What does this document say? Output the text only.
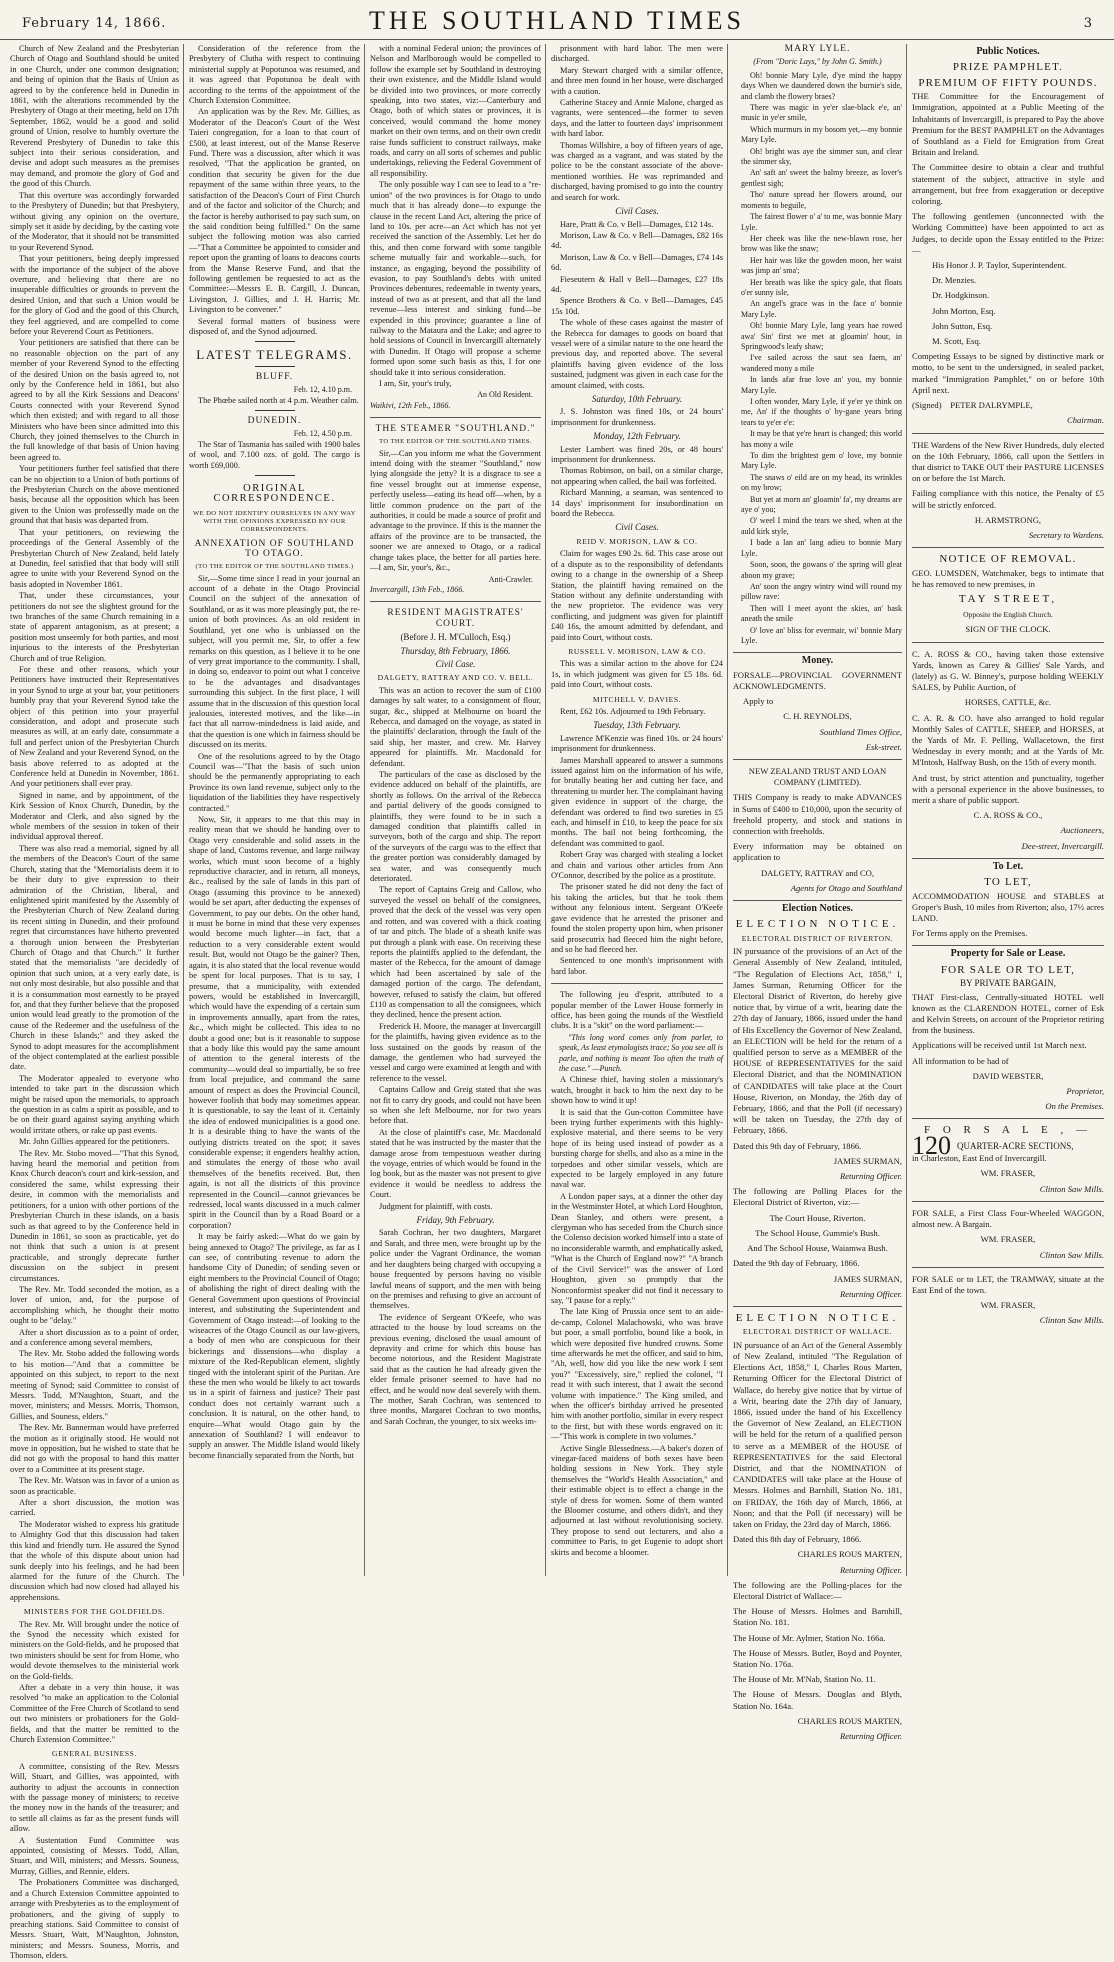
February 14, 1866.	THE SOUTHLAND TIMES	3

Church of New Zealand and the Presbyterian Church of Otago and Southland should be united in one Church, under one common designation; and being of opinion that the Basis of Union as agreed to by the conference held in Dunedin in 1861, with the alterations recommended by the Presbytery of Otago at their meeting, held on 17th September, 1862, would be a good and solid ground of Union, resolve to humbly overture the Reverend Presbytery of Dunedin to take this subject into their serious consideration, and devise and adopt such measures as the premises may demand, and promote the glory of God and the good of this Church.

That this overture was accordingly forwarded to the Presbytery of Dunedin; but that Presbytery, without giving any opinion on the overture, simply set it aside by deciding, by the casting vote of the Moderator, that it should not be transmitted to your Reverend Synod.

That your petitioners, being deeply impressed with the importance of the subject of the above overture, and believing that there are no insuperable difficulties or grounds to prevent the desired Union, and that such a Union would be for the glory of God and the good of this Church, they feel aggrieved, and are compelled to come before your Reverend Court as Petitioners.

Your petitioners are satisfied that there can be no reasonable objection on the part of any member of your Reverend Synod to the effecting of the desired Union on the basis agreed to, not only by the Conference held in 1861, but also agreed to by all the Kirk Sessions and Deacons' Courts connected with your Reverend Synod which then existed; and with regard to all those Ministers who have been since admitted into this Church, they joined themselves to the Church in the full knowledge of that basis of Union having been agreed to.

Your petitioners further feel satisfied that there can be no objection to a Union of both portions of the Presbyterian Church on the above mentioned basis, because all the opposition which has been given to the Union was professedly made on the ground that that basis was departed from.

That your petitioners, on reviewing the proceedings of the General Assembly of the Presbyterian Church of New Zealand, held lately at Dunedin, feel satisfied that that body will still agree to unite with your Reverend Synod on the basis adopted in November 1861.

That, under these circumstances, your petitioners do not see the slightest ground for the two branches of the same Church remaining in a state of apparent antagonism, as at present; a position most unseemly for both parties, and most injurious to the interests of the Presbyterian Church and of true Religion.

For these and other reasons, which your Petitioners have instructed their Representatives in your Synod to urge at your bar, your petitioners humbly pray that your Reverend Synod take the object of this petition into your prayerful consideration, and adopt and prosecute such measures as will, at an early date, consummate a full and perfect union of the Presbyterian Church of New Zealand and your Reverend Synod, on the basis above referred to as adopted at the Conference held at Dunedin in November, 1861. And your petitioners shall ever pray.

Signed in name, and by appointment, of the Kirk Session of Knox Church, Dunedin, by the Moderator and Clerk, and also signed by the whole members of the session in token of their individual approval thereof.

There was also read a memorial, signed by all the members of the Deacon's Court of the same Church, stating that the "Memorialists deem it to be their duty to give expression to their admiration of the Christian, liberal, and enlightened spirit manifested by the Assembly of the Presbyterian Church of New Zealand during its recent sitting in Dunedin, and their profound regret that circumstances have hitherto prevented a thorough union between the Presbyterian Church of Otago and that Church." It further stated that the memorialists "are decidedly of opinion that such union, at a very early date, is not only most desirable, but also possible and that it is a consummation most earnestly to be prayed for, and that they further believe that the proposed union would lead greatly to the promotion of the cause of the Redeemer and the usefulness of the Church in these Islands;" and they asked the Synod to adopt measures for the accomplishment of the object contemplated at the earliest possible date.

The Moderator appealed to everyone who intended to take part in the discussion which might be raised upon the memorials, to approach the question in as calm a spirit as possible, and to be on their guard against saying anything which would irritate others, or rake up past events.

Mr. John Gillies appeared for the petitioners.

The Rev. Mr. Stobo moved—"That this Synod, having heard the memorial and petition from Knox Church deacon's court and kirk-session, and considered the same, whilst expressing their desire, in common with the memorialists and petitioners, for a union with other portions of the Presbyterian Church in these islands, on a basis such as that agreed to by the Conference held in Dunedin in 1861, so soon as practicable, yet do not think that such a union is at present practicable, and strongly deprecate further discussion on the subject in present circumstances.

The Rev. Mr. Todd seconded the motion, as a lover of union, and, for the purpose of accomplishing which, he thought their motto ought to be "delay."

After a short discussion as to a point of order, and a conference among several members,

The Rev. Mr. Stobo added the following words to his motion—"And that a committee be appointed on this subject, to report to the next meeting of Synod; said Committee to consist of Messrs. Todd, M'Naughton, Stuart, and the mover, ministers; and Messrs. Morris, Thomson, Gillies, and Souness, elders."

The Rev. Mr. Bannerman would have preferred the motion as it originally stood. He would not move in opposition, but he wished to state that he did not go with the proposal to hand this matter over to a Committee at its present stage.

The Rev. Mr. Watson was in favor of a union as soon as practicable.

After a short discussion, the motion was carried.

The Moderator wished to express his gratitude to Almighty God that this discussion had taken this kind and friendly turn. He assured the Synod that the whole of this dispute about union had sunk deeply into his feelings, and he had been alarmed for the future of the Church. The discussion which had now closed had allayed his apprehensions.

MINISTERS FOR THE GOLDFIELDS.

The Rev. Mr. Will brought under the notice of the Synod the necessity which existed for ministers on the Gold-fields, and he proposed that two ministers should be sent for from Home, who would devote themselves to the ministerial work on the Gold-fields.

After a debate in a very thin house, it was resolved "to make an application to the Colonial Committee of the Free Church of Scotland to send out two ministers or probationers for the Gold-fields, and that the matter be remitted to the Church Extension Committee."

GENERAL BUSINESS.

A committee, consisting of the Rev. Messrs Will, Stuart, and Gillies, was appointed, with authority to adjust the accounts in connection with the passage money of ministers; to receive the money now in the hands of the treasurer; and to settle all claims as far as the present funds will allow.

A Sustentation Fund Committee was appointed, consisting of Messrs. Todd, Allan, Stuart, and Will, ministers; and Messrs. Souness, Murray, Gillies, and Rennie, elders.

The Probationers Committee was discharged, and a Church Extension Committee appointed to arrange with Presbyteries as to the employment of probationers, and the giving of supply to preaching stations. Said Committee to consist of Messrs. Stuart, Watt, M'Naughton, Johnston, ministers; and Messrs. Souness, Morris, and Thomson, elders.

Consideration of the reference from the Presbytery of Clutha with respect to continuing ministerial supply at Popotunoa was resumed, and it was agreed that Popotunoa be dealt with according to the terms of the appointment of the Church Extension Committee.

An application was by the Rev. Mr. Gillies, as Moderator of the Deacon's Court of the West Taieri congregation, for a loan to that court of £500, at least interest, out of the Manse Reserve Fund. There was a discussion, after which it was resolved, "That the application be granted, on condition that security be given for the due repayment of the same within three years, to the satisfaction of the Deacon's Court of First Church and of the factor and solicitor of the Church; and the factor is hereby authorised to pay such sum, on the said condition being fulfilled." On the same subject the following motion was also carried—"That a Committee be appointed to consider and report upon the granting of loans to deacons courts from the Manse Reserve Fund, and that the following gentlemen be requested to act as the Committee:—Messrs E. B. Cargill, J. Duncan, Livingston, J. Gillies, and J. H. Harris; Mr. Livingston to be convener."

Several formal matters of business were disposed of, and the Synod adjourned.

LATEST TELEGRAMS.
BLUFF.
Feb. 12, 4.10 p.m.

The Phœbe sailed north at 4 p.m. Weather calm.

DUNEDIN.
Feb. 12, 4.50 p.m.

The Star of Tasmania has sailed with 1900 bales of wool, and 7.100 ozs. of gold. The cargo is worth £69,000.

ORIGINAL CORRESPONDENCE.
WE DO NOT IDENTIFY OURSELVES IN ANY WAY WITH THE OPINIONS EXPRESSED BY OUR CORRESPONDENTS.
ANNEXATION OF SOUTHLAND TO OTAGO.
(TO THE EDITOR OF THE SOUTHLAND TIMES.)

Sir,—Some time since I read in your journal an account of a debate in the Otago Provincial Council on the subject of the annexation of Southland, or as it was more pleasingly put, the re-union of both provinces. As an old resident in Southland, yet one who is unbiassed on the subject, will you permit me, Sir, to offer a few remarks on this question, as I believe it to be one of very great importance to the community. I shall, in doing so, endeavor to point out what I conceive to be the advantages and disadvantages surrounding this subject. In the first place, I will assume that in the discussion of this question local jealousies, interested motives, and the like—in fact that all narrow-mindedness is laid aside, and that the question is one which in fairness should be discussed on its merits.

One of the resolutions agreed to by the Otago Council was—"That the basis of such union should be the permanently appropriating to each Province its own land revenue, subject only to the liquidation of the liabilities they have respectively contracted."

Now, Sir, it appears to me that this may in reality mean that we should be handing over to Otago very considerable and solid assets in the shape of land, Customs revenue, and large railway works, which must soon become of a highly reproductive character, and in return, all moneys, &c., realised by the sale of lands in this part of Otago (assuming this province to be annexed) would be set apart, after deducting the expenses of Government, to pay our debts. On the other hand, it must be borne in mind that these very expenses would become much lighter—in fact, that a reduction to a very considerable extent would result. But, would not Otago be the gainer? Then, again, it is also stated that the local revenue would be spent for local purposes. That is to say, I presume, that a municipality, with extended powers, would be established in Invercargill, which would have the expending of a certain sum in improvements annually, apart from the rates, &c., which might be collected. This idea to no doubt a good one; but is it reasonable to suppose that a body like this would pay the same amount of attention to the general interests of the community—would deal so impartially, be so free from local prejudice, and command the same amount of respect as does the Provincial Council, however foolish that body may sometimes appear. It is questionable, to say the least of it. Certainly the idea of endowed municipalities is a good one. It is a desirable thing to have the wants of the outlying districts treated on the spot; it saves considerable expense; it engenders healthy action, and stimulates the energy of those who avail themselves of the benefits received. But, then again, is not all the districts of this province represented in the Council—cannot grievances be redressed, local wants discussed in a much calmer spirit in the Council than by a Road Board or a corporation?

It may be fairly asked:—What do we gain by being annexed to Otago? The privilege, as far as I can see, of contributing revenue to adorn the handsome City of Dunedin; of sending seven or eight members to the Provincial Council of Otago; of abolishing the right of direct dealing with the General Government upon questions of Provincial interest, and substituting the Superintendent and Government of Otago instead:—of looking to the wiseacres of the Otago Council as our law-givers, a body of men who are conspicuous for their bickerings and dissensions—who display a mixture of the Red-Republican element, slightly tinged with the intolerant spirit of the Puritan. Are these the men who would be likely to act towards us in a spirit of fairness and justice? Their past conduct does not certainly warrant such a conclusion. It is natural, on the other hand, to enquire—What would Otago gain by the annexation of Southland? I will endeavor to supply an answer. The Middle Island would likely become financially separated from the North, but

with a nominal Federal union; the provinces of Nelson and Marlborough would be compelled to follow the example set by Southland in destroying their own existence, and the Middle Island would be divided into two provinces, or more correctly speaking, into two states, viz:—Canterbury and Otago, both of which states or provinces, it is conceived, would command the home money market on their own terms, and on their own credit raise funds sufficient to construct railways, make roads, and carry on all sorts of schemes and public undertakings, relieving the Federal Government of all responsibility.

The only possible way I can see to lead to a "re-union" of the two provinces is for Otago to undo much that it has already done—to expunge the clause in the recent Land Act, altering the price of land to 10s. per acre—an Act which has not yet received the sanction of the Assembly. Let her do this, and then come forward with some tangible scheme mutually fair and workable—such, for instance, as engaging, beyond the possibility of evasion, to pay Southland's debts with united Provinces debentures, redeemable in twenty years, instead of two as at present, and that all the land revenue—less interest and sinking fund—be expended in this province; guarantee a line of railway to the Mataura and the Lake; and agree to hold sessions of Council in Invercargill alternately with Dunedin. If Otago will propose a scheme formed upon some such basis as this, I for one should take it into serious consideration.

I am, Sir, your's truly,

An Old Resident.
Waikivi, 12th Feb., 1866.
THE STEAMER "SOUTHLAND."
TO THE EDITOR OF THE SOUTHLAND TIMES.

Sir,—Can you inform me what the Government intend doing with the steamer "Southland," now lying alongside the jetty? It is a disgrace to see a fine vessel brought out at immense expense, perfectly useless—eating its head off—when, by a little common prudence on the part of the authorities, it could be made a source of profit and advantage to the province. If this is the manner the affairs of the province are to be transacted, the sooner we are annexed to Otago, or a radical change takes place, the better for all parties here.—I am, Sir, your's, &c.,

Anti-Crawler.
Invercargill, 13th Feb., 1866.
RESIDENT MAGISTRATES' COURT.
(Before J. H. M'Culloch, Esq.)
Thursday, 8th February, 1866.
Civil Case.
DALGETY, RATTRAY AND CO. V. BELL.

This was an action to recover the sum of £100 damages by salt water, to a consignment of flour, sugar, &c., shipped at Melbourne on board the Rebecca, and damaged on the voyage, as stated in the plaintiffs' declaration, through the fault of the said ship, her master, and crew. Mr. Harvey appeared for plaintiffs. Mr. Macdonald for defendant.

The particulars of the case as disclosed by the evidence adduced on behalf of the plaintiffs, are shortly as follows. On the arrival of the Rebecca and partial delivery of the goods consigned to plaintiffs, they were found to be in such a damaged condition that plaintiffs called in surveyors, both of the cargo and ship. The report of the surveyors of the cargo was to the effect that the greater portion was considerably damaged by sea water, and was consequently much deteriorated.

The report of Captains Greig and Callow, who surveyed the vessel on behalf of the consignees, proved that the deck of the vessel was very open and rotten, and was covered with a thick coating of tar and pitch. The blade of a sheath knife was put through a plank with ease. On receiving these reports the plaintiffs applied to the defendant, the master of the Rebecca, for the amount of damage which had been ascertained by sale of the damaged portion of the cargo. The defendant, however, refused to satisfy the claim, but offered £110 as compensation to all the consignees, which they declined, hence the present action.

Frederick H. Moore, the manager at Invercargill for the plaintiffs, having given evidence as to the loss sustained on the goods by reason of the damage, the gentlemen who had surveyed the vessel and cargo were examined at length and with reference to the vessel.

Captains Callow and Greig stated that she was not fit to carry dry goods, and could not have been so when she left Melbourne, nor for two years before that.

At the close of plaintiff's case, Mr. Macdonald stated that he was instructed by the master that the damage arose from tempestuous weather during the voyage, entries of which would be found in the log book, but as the master was not present to give evidence it would be needless to address the Court.

Judgment for plaintiff, with costs.

Friday, 9th February.

Sarah Cochran, her two daughters, Margaret and Sarah, and three men, were brought up by the police under the Vagrant Ordinance, the woman and her daughters being charged with occupying a house frequented by persons having no visible lawful means of support, and the men with being on the premises and refusing to give an account of themselves.

The evidence of Sergeant O'Keefe, who was attracted to the house by loud screams on the previous evening, disclosed the usual amount of depravity and crime for which this house has become notorious, and the Resident Magistrate said that as the caution he had already given the elder female prisoner seemed to have had no effect, and he would now deal severely with them. The mother, Sarah Cochran, was sentenced to three months, Margaret Cochran to two months, and Sarah Cochran, the younger, to six weeks im-

prisonment with hard labor. The men were discharged.

Mary Stewart charged with a similar offence, and three men found in her house, were discharged with a caution.

Catherine Stacey and Annie Malone, charged as vagrants, were sentenced—the former to seven days, and the latter to fourteen days' imprisonment with hard labor.

Thomas Willshire, a boy of fifteen years of age, was charged as a vagrant, and was stated by the police to be the constant associate of the above-mentioned worthies. He was reprimanded and discharged, having promised to go into the country and search for work.

Civil Cases.

Hare, Pratt & Co. v Bell—Damages, £12 14s.

Morison, Law & Co. v Bell—Damages, £82 16s 4d.

Morison, Law & Co. v Bell—Damages, £74 14s 6d.

Fieseutern & Hall v Bell—Damages, £27 18s 4d.

Spence Brothers & Co. v Bell—Damages, £45 15s 10d.

The whole of these cases against the master of the Rebecca for damages to goods on board that vessel were of a similar nature to the one heard the previous day, and reported above. The several plaintiffs having given evidence of the loss sustained, judgment was given in each case for the amount claimed, with costs.

Saturday, 10th February.

J. S. Johnston was fined 10s, or 24 hours' imprisonment for drunkenness.

Monday, 12th February.

Lester Lambert was fined 20s, or 48 hours' imprisonment for drunkenness.

Thomas Robinson, on bail, on a similar charge, not appearing when called, the bail was forfeited.

Richard Manning, a seaman, was sentenced to 14 days' imprisonment for insubordination on board the Rebecca.

Civil Cases.
REID V. MORISON, LAW & CO.

Claim for wages £90 2s. 6d. This case arose out of a dispute as to the responsibility of defendants owing to a change in the ownership of a Sheep Station, the plaintiff having remained on the Station without any definite understanding with the new proprietor. The evidence was very conflicting, and judgment was given for plaintiff £40 16s, the amount admitted by defendant, and paid into Court, without costs.

RUSSELL V. MORISON, LAW & CO.

This was a similar action to the above for £24 1s, in which judgment was given for £5 18s. 6d. paid into Court, without costs.

MITCHELL V. DAVIES.

Rent, £62 10s. Adjourned to 19th February.

Tuesday, 13th February.

Lawrence M'Kenzie was fined 10s. or 24 hours' imprisonment for drunkenness.

James Marshall appeared to answer a summons issued against him on the information of his wife, for brutally beating her and cutting her face, and threatening to murder her. The complainant having given evidence in support of the charge, the defendant was ordered to find two sureties in £5 each, and himself in £10, to keep the peace for six months. The bail not being forthcoming, the defendant was committed to gaol.

Robert Gray was charged with stealing a locket and chain and various other articles from Ann O'Connor, described by the police as a prostitute.

The prisoner stated he did not deny the fact of his taking the articles, but that he took them without any felonious intent. Sergeant O'Keefe gave evidence that he arrested the prisoner and found the stolen property upon him, when prisoner said prosecutrix had fleeced him the night before, and so he had fleeced her.

Sentenced to one month's imprisonment with hard labor.

The following jeu d'esprit, attributed to a popular member of the Lower House formerly in office, has been going the rounds of the Westfield clubs. It is a "skit" on the word parliament:—

"This long word comes only from parler, to speak, As least etymologists trace; So you see all is parle, and nothing is meant Too often the truth of the case." —Punch.

A Chinese thief, having stolen a missionary's watch, brought it back to him the next day to be shown how to wind it up!

It is said that the Gun-cotton Committee have been trying further experiments with this highly-explosive material, and there seems to be very hope of its being used instead of powder as a bursting charge for shells, and also as a mine in the torpedoes and other similar vessels, which are expected to be largely employed in any future naval war.

A London paper says, at a dinner the other day in the Westminster Hotel, at which Lord Houghton, Dean Stanley, and others were present, a clergyman who has seceded from the Church since the Colenso decision worked himself into a state of no inconsiderable warmth, and emphatically asked, "What is the Church of England now?" "A branch of the Civil Service!" was the answer of Lord Houghton, given so promptly that the Nonconformist speaker did not find it necessary to say, "I pause for a reply."

The late King of Prussia once sent to an aide-de-camp, Colonel Malachowski, who was brave but poor, a small portfolio, bound like a book, in which were deposited five hundred crowns. Some time afterwards he met the officer, and said to him, "Ah, well, how did you like the new work I sent you?" "Excessively, sire," replied the colonel, "I read it with such interest, that I await the second volume with impatience." The King smiled, and when the officer's birthday arrived he presented him with another portfolio, similar in every respect to the first, but with these words engraved on it:—"This work is complete in two volumes."

Active Single Blessedness.—A baker's dozen of vinegar-faced maidens of both sexes have been holding sessions in New York. They style themselves the "World's Health Association," and their estimable object is to effect a change in the style of dress for women. Some of them wanted the Bloomer costume, and others didn't, and they adjourned at last without revolutionising society. They propose to send out lecturers, and also a committee to Paris, to get Eugenie to adopt short skirts and become a bloomer.

MARY LYLE.
(From "Doric Lays," by John G. Smith.)

Oh! bonnie Mary Lyle, d'ye mind the happy days When we daundered down the burnie's side, and clamb the flowery braes?

There was magic in ye'er slae-black e'e, an' music in ye'er smile,

Which murmurs in my bosom yet,—my bonnie Mary Lyle.

Oh! bright was aye the simmer sun, and clear the simmer sky,

An' saft an' sweet the balmy breeze, as lover's gentlest sigh;

Tho' nature spread her flowers around, our moments to beguile,

The fairest flower o' a' to me, was bonnie Mary Lyle.

Her cheek was like the new-blawn rose, her brow was like the snaw;

Her hair was like the gowden moon, her waist was jimp an' sma';

Her breath was like the spicy gale, that floats o'er sunny isle,

An angel's grace was in the face o' bonnie Mary Lyle.

Oh! bonnie Mary Lyle, lang years hae rowed awa' Sin' first we met at gloamin' hour, in Springwood's leafy shaw;

I've sailed across the saut sea faem, an' wandered mony a mile

In lands afar frae love an' you, my bonnie Mary Lyle.

I often wonder, Mary Lyle, if ye'er ye think on me, An' if the thoughts o' by-gane years bring tears to ye'er e'e:

It may be that ye're heart is changed; this world has mony a wile

To dim the brightest gem o' love, my bonnie Mary Lyle.

The snaws o' eild are on my head, its wrinkles on my brow;

But yet at morn an' gloamin' fa', my dreams are aye o' you;

O' weel I mind the tears we shed, when at the auld kirk style,

I bade a lan an' lang adieu to bonnie Mary Lyle.

Soon, soon, the gowans o' the spring will gleat aboon my grave;

An' soon the angry wintry wind will round my pillow rave:

Then will I meet ayont the skies, an' bask aneath the smile

O' love an' bliss for evermair, wi' bonnie Mary Lyle.

Money.

FORSALE—PROVINCIAL GOVERNMENT ACKNOWLEDGMENTS.

Apply to

C. H. REYNOLDS,

Southland Times Office,

Esk-street.

NEW ZEALAND TRUST AND LOAN COMPANY (LIMITED).

THIS Company is ready to make ADVANCES in Sums of £400 to £10,000, upon the security of freehold property, and stock and stations in connection with freeholds.

Every information may be obtained on application to

DALGETY, RATTRAY and CO,

Agents for Otago and Southland

Election Notices.
ELECTION NOTICE.
ELECTORAL DISTRICT OF RIVERTON.

IN pursuance of the provisions of an Act of the General Assembly of New Zealand, intituled, "The Regulation of Elections Act, 1858," I, James Surman, Returning Officer for the Electoral District of Riverton, do hereby give notice that, by virtue of a writ, bearing date the 27th day of January, 1866, issued under the hand of His Excellency the Governor of New Zealand, an ELECTION will be held for the return of a qualified person to serve as a MEMBER of the HOUSE of REPRESENTATIVES for the said Electoral District, and that the NOMINATION of CANDIDATES will take place at the Court House, Riverton, on Monday, the 26th day of February, 1866, and that the Poll (if necessary) will be taken on Tuesday, the 27th day of February, 1866.

Dated this 9th day of February, 1866.

JAMES SURMAN,

Returning Officer.

The following are Polling Places for the Electoral District of Riverton, viz:—

The Court House, Riverton.

The School House, Gummie's Bush.

And The School House, Waiamwa Bush.

Dated the 9th day of February, 1866.

JAMES SURMAN,

Returning Officer.

ELECTION NOTICE.
ELECTORAL DISTRICT OF WALLACE.

IN pursuance of an Act of the General Assembly of New Zealand, intituled "The Regulation of Elections Act, 1858," I, Charles Rous Marten, Returning Officer for the Electoral District of Wallace, do hereby give notice that by virtue of a Writ, bearing date the 27th day of January, 1866, issued under the hand of his Excellency the Governor of New Zealand, an ELECTION will be held for the return of a qualified person to serve as a MEMBER of the HOUSE of REPRESENTATIVES for the said Electoral District, and that the NOMINATION of CANDIDATES will take place at the House of Messrs. Holmes and Barnhill, Station No. 181, on FRIDAY, the 16th day of March, 1866, at Noon; and that the Poll (if necessary) will be taken on Friday, the 23rd day of March, 1866.

Dated this 8th day of February, 1866.

CHARLES ROUS MARTEN,

Returning Officer.

The following are the Polling-places for the Electoral District of Wallace:—

The House of Messrs. Holmes and Barnhill, Station No. 181.

The House of Mr. Aylmer, Station No. 166a.

The House of Messrs. Butler, Boyd and Poynter, Station No. 176a.

The House of Mr. M'Nab, Station No. 11.

The House of Messrs. Douglas and Blyth, Station No. 164a.

CHARLES ROUS MARTEN,

Returning Officer.

Public Notices.
PRIZE PAMPHLET.
PREMIUM OF FIFTY POUNDS.

THE Committee for the Encouragement of Immigration, appointed at a Public Meeting of the Inhabitants of Invercargill, is prepared to Pay the above Premium for the BEST PAMPHLET on the Advantages of Southland as a Field for Emigration from Great Britain and Ireland.

The Committee desire to obtain a clear and truthful statement of the subject, attractive in style and arrangement, but free from exaggeration or deceptive coloring.

The following gentlemen (unconnected with the Working Committee) have been appointed to act as Judges, to decide upon the Essay entitled to the Prize:—

His Honor J. P. Taylor, Superintendent.

Dr. Menzies.

Dr. Hodgkinson.

John Morton, Esq.

John Sutton, Esq.

M. Scott, Esq.

Competing Essays to be signed by distinctive mark or motto, to be sent to the undersigned, in sealed packet, marked "Immigration Pamphlet," on or before 10th April next.

(Signed) PETER DALRYMPLE,

Chairman.

THE Wardens of the New River Hundreds, duly elected on the 10th February, 1866, call upon the Settlers in that district to TAKE OUT their PASTURE LICENSES on or before the 1st March.

Failing compliance with this notice, the Penalty of £5 will be strictly enforced.

H. ARMSTRONG,

Secretary to Wardens.

NOTICE OF REMOVAL.

GEO. LUMSDEN, Watchmaker, begs to intimate that he has removed to new premises, in

TAY STREET,

Opposite the English Church.

SIGN OF THE CLOCK.

C. A. ROSS & CO., having taken those extensive Yards, known as Carey & Gillies' Sale Yards, and (lately) as G. W. Binney's, purpose holding WEEKLY SALES, by Public Auction, of

HORSES, CATTLE, &c.

C. A. R. & CO. have also arranged to hold regular Monthly Sales of CATTLE, SHEEP, and HORSES, at the Yards of Mr. F. Pelling, Wallacetown, the first Wednesday in every month; and at the Yards of Mr. M'Intosh, Halfway Bush, on the 15th of every month.

And trust, by strict attention and punctuality, together with a personal experience in the above businesses, to merit a share of public support.

C. A. ROSS & CO.,

Auctioneers,

Dee-street, Invercargill.

To Let.
TO LET,

ACCOMMODATION HOUSE and STABLES at Groper's Bush, 10 miles from Riverton; also, 17½ acres LAND.

For Terms apply on the Premises.

Property for Sale or Lease.
FOR SALE OR TO LET,
BY PRIVATE BARGAIN,

THAT First-class, Centrally-situated HOTEL well known as the CLARENDON HOTEL, corner of Esk and Kelvin Streets, on account of the Proprietor retiring from the business.

Applications will be received until 1st March next.

All information to be had of

DAVID WEBSTER,

Proprietor,

On the Premises.

F O R S A L E , —
120 QUARTER-ACRE SECTIONS,

in Charleston, East End of Invercargill.

WM. FRASER,

Clinton Saw Mills.

FOR SALE, a First Class Four-Wheeled WAGGON, almost new. A Bargain.

WM. FRASER,

Clinton Saw Mills.

FOR SALE or to LET, the TRAMWAY, situate at the East End of the town.

WM. FRASER,

Clinton Saw Mills.
